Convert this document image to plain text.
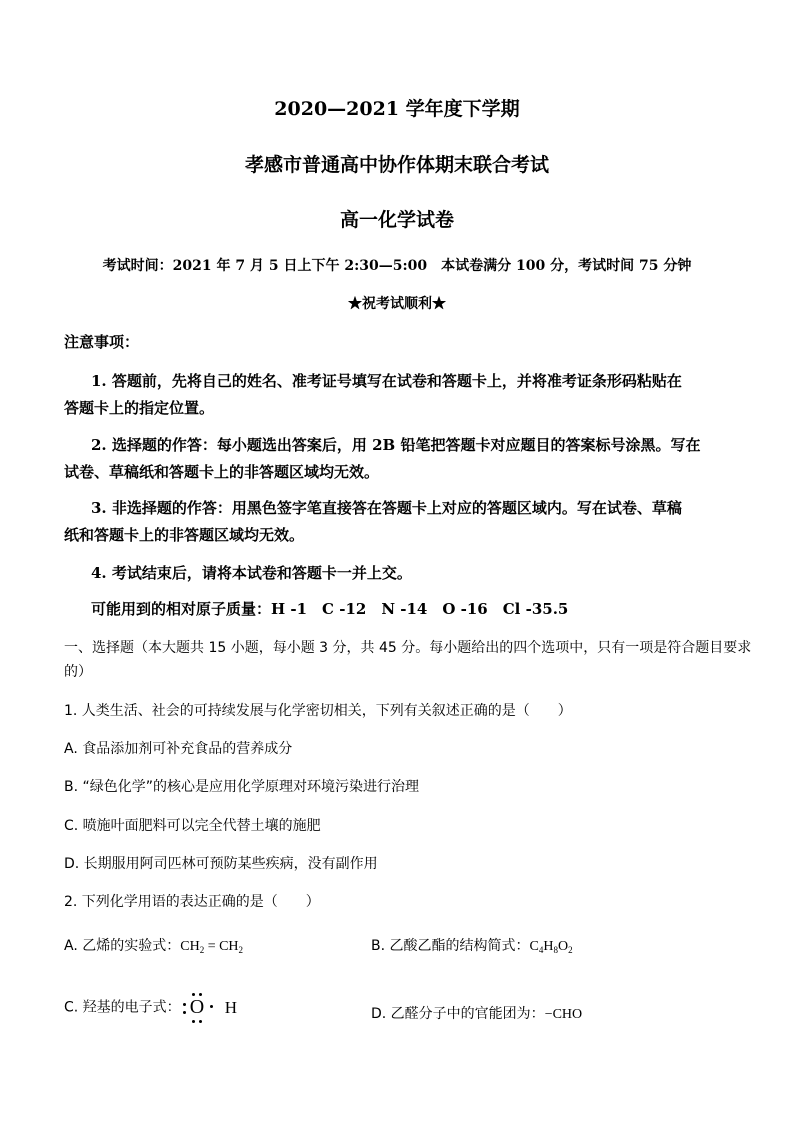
2020—2021 学年度下学期
孝感市普通高中协作体期末联合考试
高一化学试卷
考试时间：2021 年 7 月 5 日上下午 2:30—5:00　本试卷满分 100 分，考试时间 75 分钟
★祝考试顺利★
注意事项：
1. 答题前，先将自己的姓名、准考证号填写在试卷和答题卡上，并将准考证条形码粘贴在
答题卡上的指定位置。
2. 选择题的作答：每小题选出答案后，用 2B 铅笔把答题卡对应题目的答案标号涂黑。写在
试卷、草稿纸和答题卡上的非答题区域均无效。
3. 非选择题的作答：用黑色签字笔直接答在答题卡上对应的答题区域内。写在试卷、草稿
纸和答题卡上的非答题区域均无效。
4. 考试结束后，请将本试卷和答题卡一并上交。
可能用到的相对原子质量：H -1　C -12　N -14　O -16　Cl -35.5
一、选择题（本大题共 15 小题，每小题 3 分，共 45 分。每小题给出的四个选项中，只有一项是符合题目要求
的）
1. 人类生活、社会的可持续发展与化学密切相关，下列有关叙述正确的是（　　）
A. 食品添加剂可补充食品的营养成分
B. “绿色化学”的核心是应用化学原理对环境污染进行治理
C. 喷施叶面肥料可以完全代替土壤的施肥
D. 长期服用阿司匹林可预防某些疾病，没有副作用
2. 下列化学用语的表达正确的是（　　）
A. 乙烯的实验式：$CH_2 = CH_2$	B. 乙酸乙酯的结构简式：$C_4H_8O_2$
C. 羟基的电子式： O H	D. 乙醛分子中的官能团为：−CHO
